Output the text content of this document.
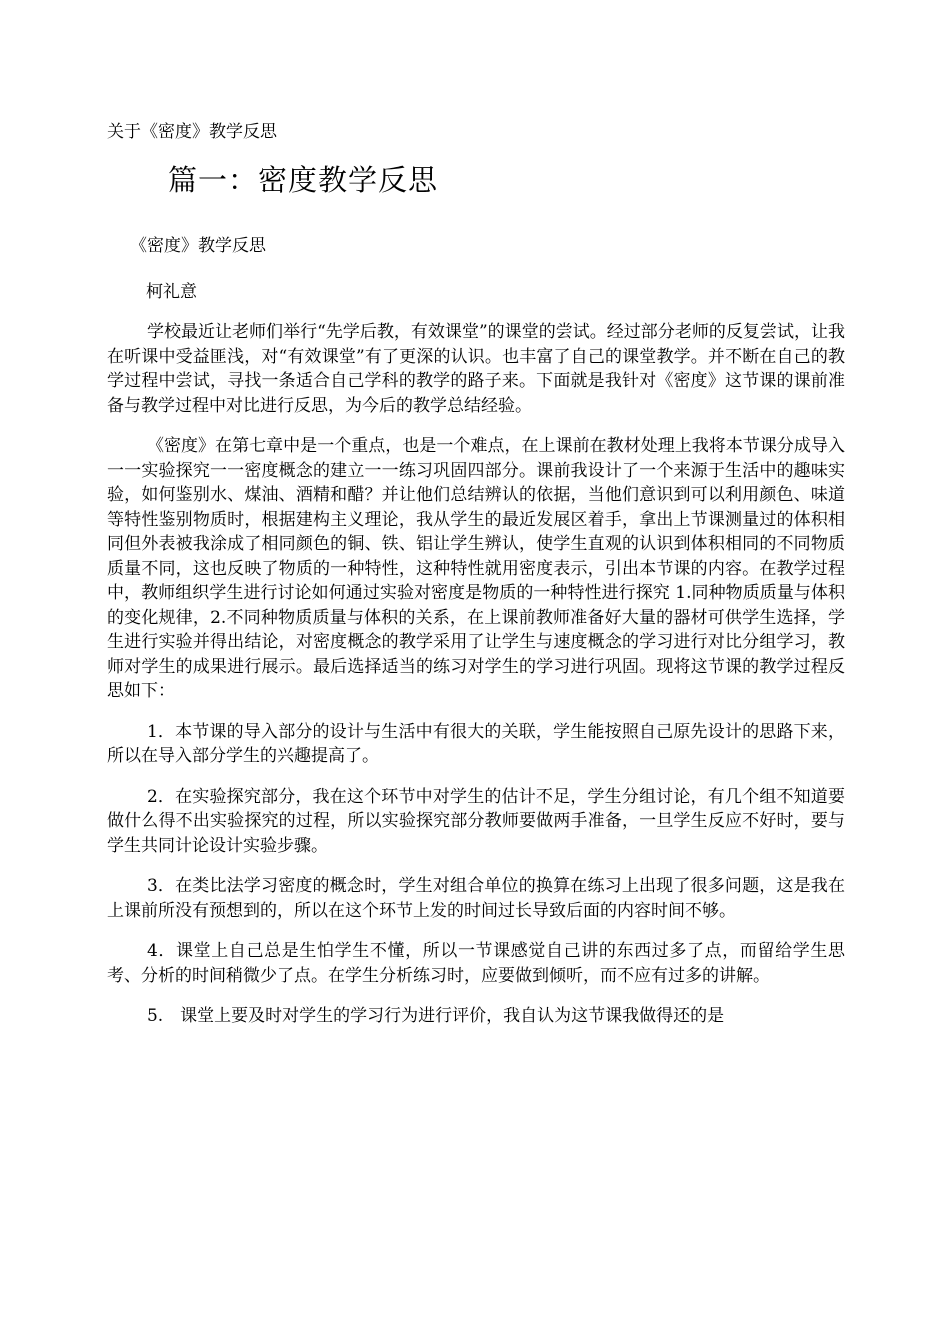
关于《密度》教学反思
篇一：密度教学反思
《密度》教学反思
柯礼意

学校最近让老师们举行“先学后教，有效课堂”的课堂的尝试。经过部分老师的反复尝试，让我在听课中受益匪浅，对“有效课堂”有了更深的认识。也丰富了自己的课堂教学。并不断在自己的教学过程中尝试，寻找一条适合自己学科的教学的路子来。下面就是我针对《密度》这节课的课前准备与教学过程中对比进行反思，为今后的教学总结经验。

《密度》在第七章中是一个重点，也是一个难点，在上课前在教材处理上我将本节课分成导入一一实验探究一一密度概念的建立一一练习巩固四部分。课前我设计了一个来源于生活中的趣味实验，如何鉴别水、煤油、酒精和醋？并让他们总结辨认的依据，当他们意识到可以利用颜色、味道等特性鉴别物质时，根据建构主义理论，我从学生的最近发展区着手，拿出上节课测量过的体积相同但外表被我涂成了相同颜色的铜、铁、铝让学生辨认，使学生直观的认识到体积相同的不同物质质量不同，这也反映了物质的一种特性，这种特性就用密度表示，引出本节课的内容。在教学过程中，教师组织学生进行讨论如何通过实验对密度是物质的一种特性进行探究 1.同种物质质量与体积的变化规律，2.不同种物质质量与体积的关系，在上课前教师准备好大量的器材可供学生选择，学生进行实验并得出结论，对密度概念的教学采用了让学生与速度概念的学习进行对比分组学习，教师对学生的成果进行展示。最后选择适当的练习对学生的学习进行巩固。现将这节课的教学过程反思如下：

1．本节课的导入部分的设计与生活中有很大的关联，学生能按照自己原先设计的思路下来，所以在导入部分学生的兴趣提高了。

2．在实验探究部分，我在这个环节中对学生的估计不足，学生分组讨论，有几个组不知道要做什么得不出实验探究的过程，所以实验探究部分教师要做两手准备，一旦学生反应不好时，要与学生共同计论设计实验步骤。

3．在类比法学习密度的概念时，学生对组合单位的换算在练习上出现了很多问题，这是我在上课前所没有预想到的，所以在这个环节上发的时间过长导致后面的内容时间不够。

4．课堂上自己总是生怕学生不懂，所以一节课感觉自己讲的东西过多了点，而留给学生思考、分析的时间稍微少了点。在学生分析练习时，应要做到倾听，而不应有过多的讲解。

5.　课堂上要及时对学生的学习行为进行评价，我自认为这节课我做得还的是
